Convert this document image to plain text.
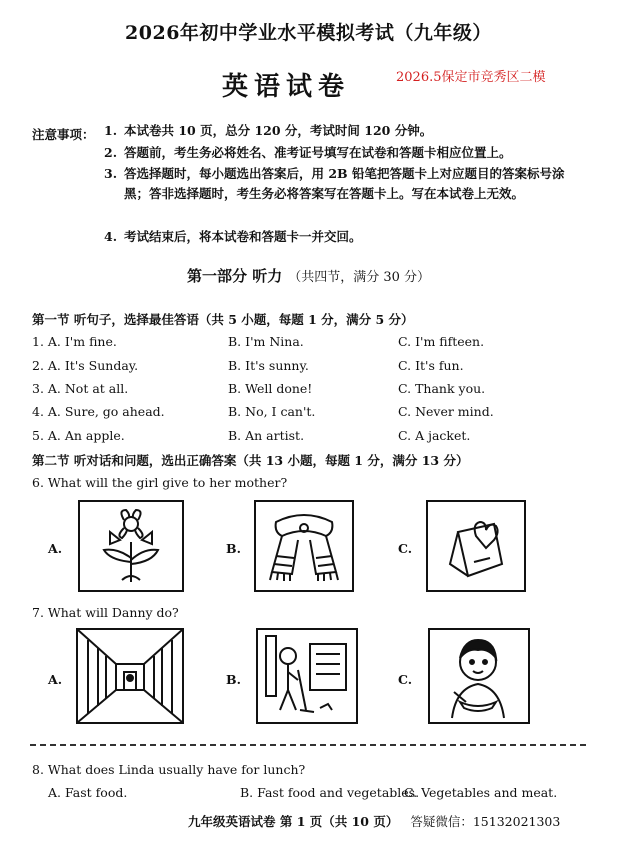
2026年初中学业水平模拟考试（九年级）
英语试卷	2026.5保定市竞秀区二模
注意事项： 1. 本试卷共 10 页，总分 120 分，考试时间 120 分钟。
2. 答题前，考生务必将姓名、准考证号填写在试卷和答题卡相应位置上。
3. 答选择题时，每小题选出答案后，用 2B 铅笔把答题卡上对应题目的答案标号涂黑；答非选择题时，考生务必将答案写在答题卡上。写在本试卷上无效。
4. 考试结束后，将本试卷和答题卡一并交回。
第一部分 听力 （共四节，满分 30 分）
第一节 听句子，选择最佳答语（共 5 小题，每题 1 分，满分 5 分）
1. A. I'm fine.	B. I'm Nina.	C. I'm fifteen.
2. A. It's Sunday.	B. It's sunny.	C. It's fun.
3. A. Not at all.	B. Well done!	C. Thank you.
4. A. Sure, go ahead.	B. No, I can't.	C. Never mind.
5. A. An apple.	B. An artist.	C. A jacket.
第二节 听对话和问题，选出正确答案（共 13 小题，每题 1 分，满分 13 分）
6. What will the girl give to her mother?
A.	B.	C.
7. What will Danny do?
A.	B.	C.
8. What does Linda usually have for lunch?
A. Fast food.	B. Fast food and vegetables.
C. Vegetables and meat.
九年级英语试卷 第 1 页（共 10 页） 答疑微信：15132021303
